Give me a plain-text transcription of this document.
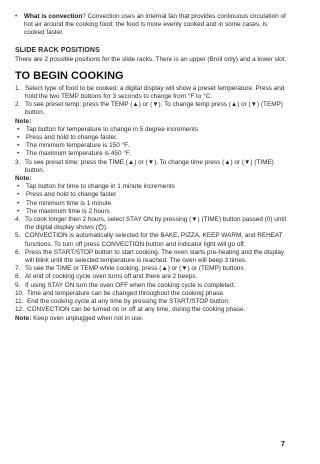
•	What is convection? Convection uses an internal fan that provides continuous circulation of hot air around the cooking food; the food is more evenly cooked and in some cases, is cooked faster.
SLIDE RACK POSITIONS
There are 2 possible positions for the slide racks. There is an upper (Broil only) and a lower slot.
TO BEGIN COOKING
1. Select type of food to be cooked: a digital display will show a preset temperature. Press and hold the two TEMP buttons for 3 seconds to change from °F to °C.
2. To see preset temp: press the TEMP (▲) or (▼). To change temp press (▲) or (▼) (TEMP) button.
Note:
•	Tap button for temperature to change in 5 degree increments
•	Press and hold to change faster.
•	The minimum temperature is 150 °F.
•	The maximum temperature is 450 °F.
3. To see preset time: press the TIME (▲) or (▼). To change time press (▲) or (▼) (TIME) button.
Note:
•	Tap button for time to change in 1 minute increments
•	Press and hold to change faster
•	The minimum time is 1 minute
•	The maximum time is 2 hours
4. To cook longer then 2 hours, select STAY ON by pressing (▼) (TIME) button passed (0) until the digital display shows ( ).
5. CONVECTION is automatically selected for the BAKE, PIZZA, KEEP WARM, and REHEAT functions. To turn off press CONVECTION button and indicator light will go off.
6. Press the START/STOP button to start cooking. The oven starts pre-heating and the display will blink until the selected temperature is reached. The oven will beep 3 times.
7. To see the TIME or TEMP while cooking, press (▲) or (▼) or (TEMP) buttons
8. At end of cooking cycle oven turns off and there are 2 beeps.
9. If using STAY ON turn the oven OFF when the cooking cycle is completed.
10. Time and temperature can be changed throughout the cooking phase.
11. End the cooking cycle at any time by pressing the START/STOP button.
12. CONVECTION can be turned on or off at any time, during the cooking phase.
Note: Keep oven unplugged when not in use.
7
